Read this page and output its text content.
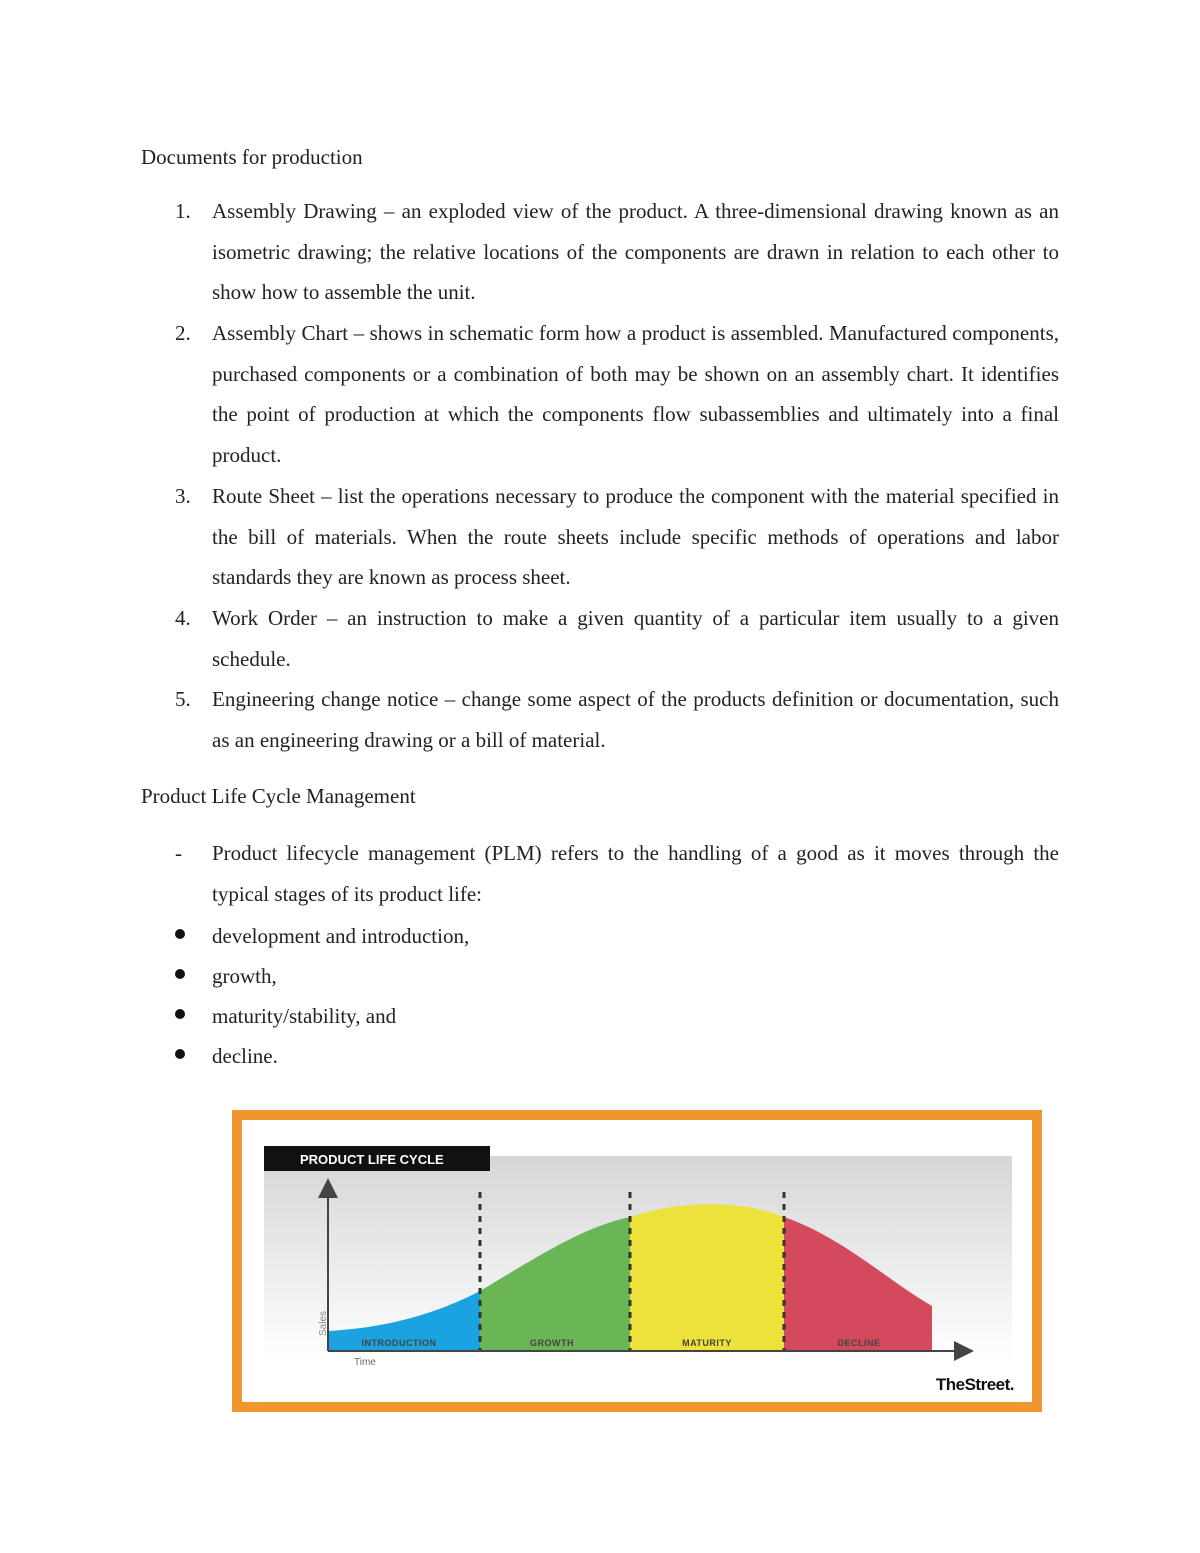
Documents for production
1. Assembly Drawing – an exploded view of the product. A three-dimensional drawing known as an isometric drawing; the relative locations of the components are drawn in relation to each other to show how to assemble the unit.
2. Assembly Chart – shows in schematic form how a product is assembled. Manufactured components, purchased components or a combination of both may be shown on an assembly chart. It identifies the point of production at which the components flow subassemblies and ultimately into a final product.
3. Route Sheet – list the operations necessary to produce the component with the material specified in the bill of materials. When the route sheets include specific methods of operations and labor standards they are known as process sheet.
4. Work Order – an instruction to make a given quantity of a particular item usually to a given schedule.
5. Engineering change notice – change some aspect of the products definition or documentation, such as an engineering drawing or a bill of material.
Product Life Cycle Management
- Product lifecycle management (PLM) refers to the handling of a good as it moves through the typical stages of its product life:
development and introduction,
growth,
maturity/stability, and
decline.
PRODUCT LIFE CYCLE
Sales
Time
INTRODUCTION	GROWTH	MATURITY	DECLINE
TheStreet.
